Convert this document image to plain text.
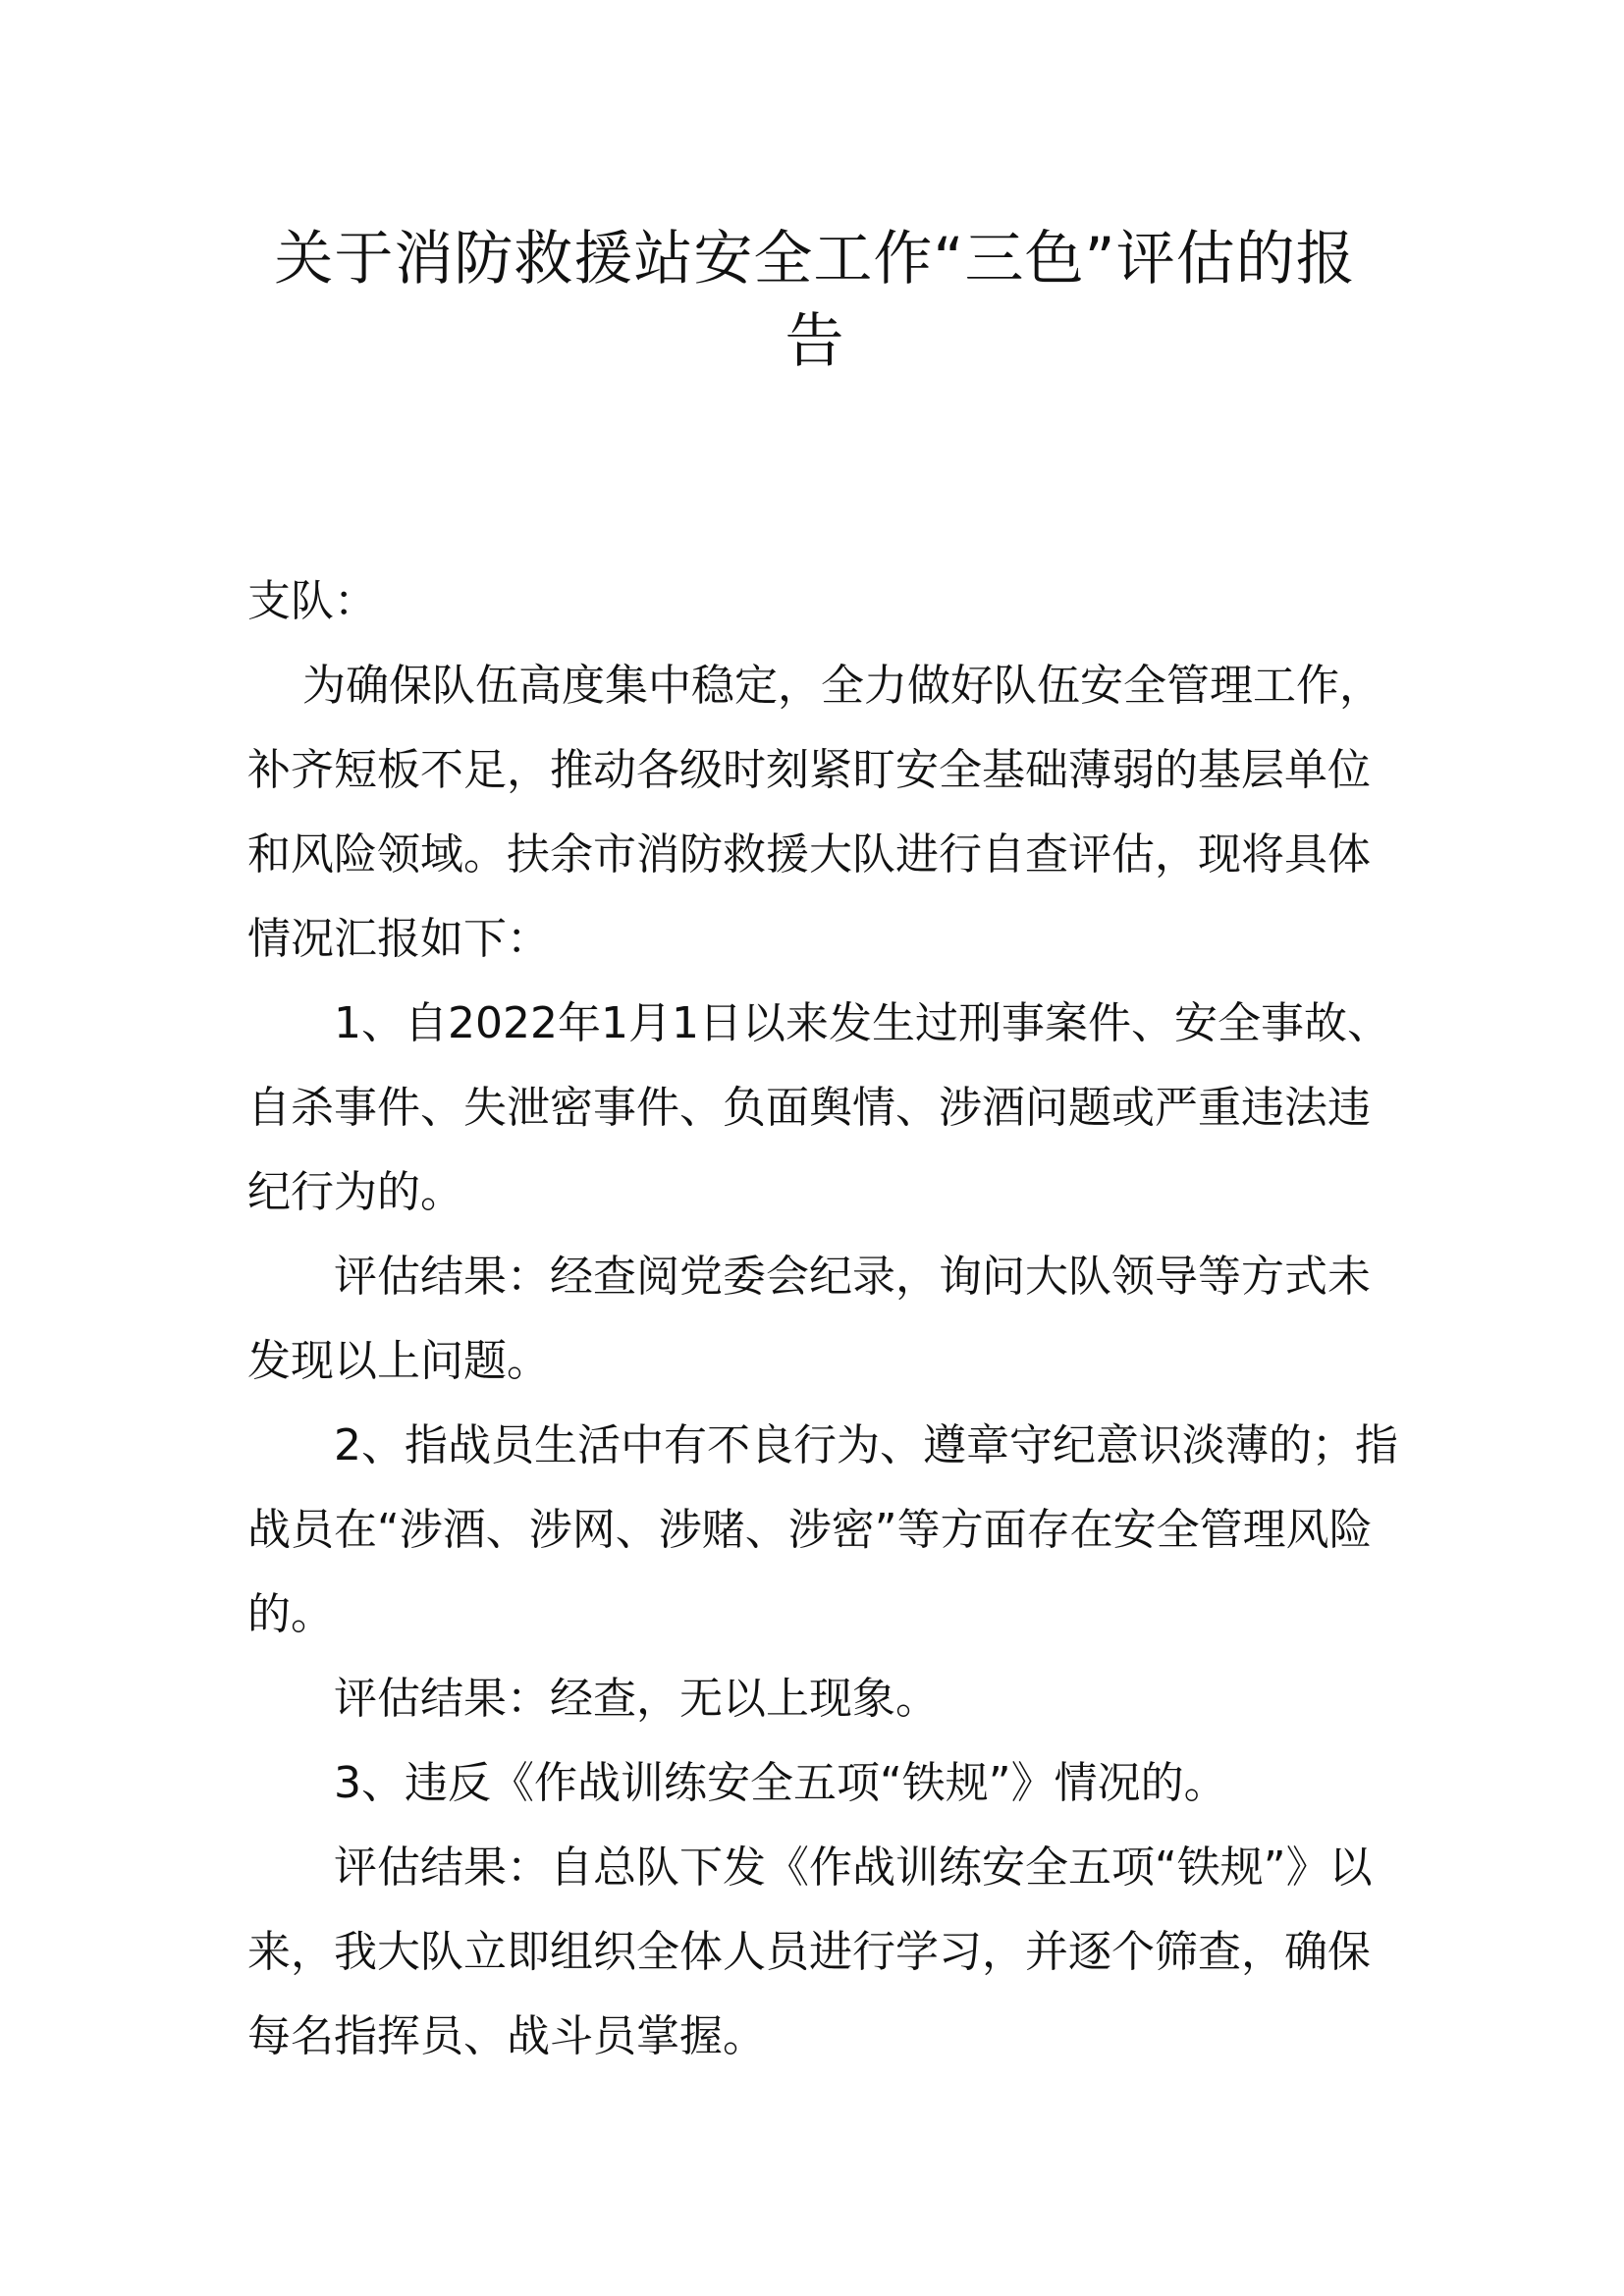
关于消防救援站安全工作“三色”评估的报告

支队：

为确保队伍高度集中稳定，全力做好队伍安全管理工作，补齐短板不足，推动各级时刻紧盯安全基础薄弱的基层单位和风险领域。扶余市消防救援大队进行自查评估，现将具体情况汇报如下：

1、自2022年1月1日以来发生过刑事案件、安全事故、自杀事件、失泄密事件、负面舆情、涉酒问题或严重违法违纪行为的。

评估结果：经查阅党委会纪录，询问大队领导等方式未发现以上问题。

2、指战员生活中有不良行为、遵章守纪意识淡薄的；指战员在“涉酒、涉网、涉赌、涉密”等方面存在安全管理风险的。

评估结果：经查，无以上现象。

3、违反《作战训练安全五项“铁规”》情况的。

评估结果：自总队下发《作战训练安全五项“铁规”》以来，我大队立即组织全体人员进行学习，并逐个筛查，确保每名指挥员、战斗员掌握。
